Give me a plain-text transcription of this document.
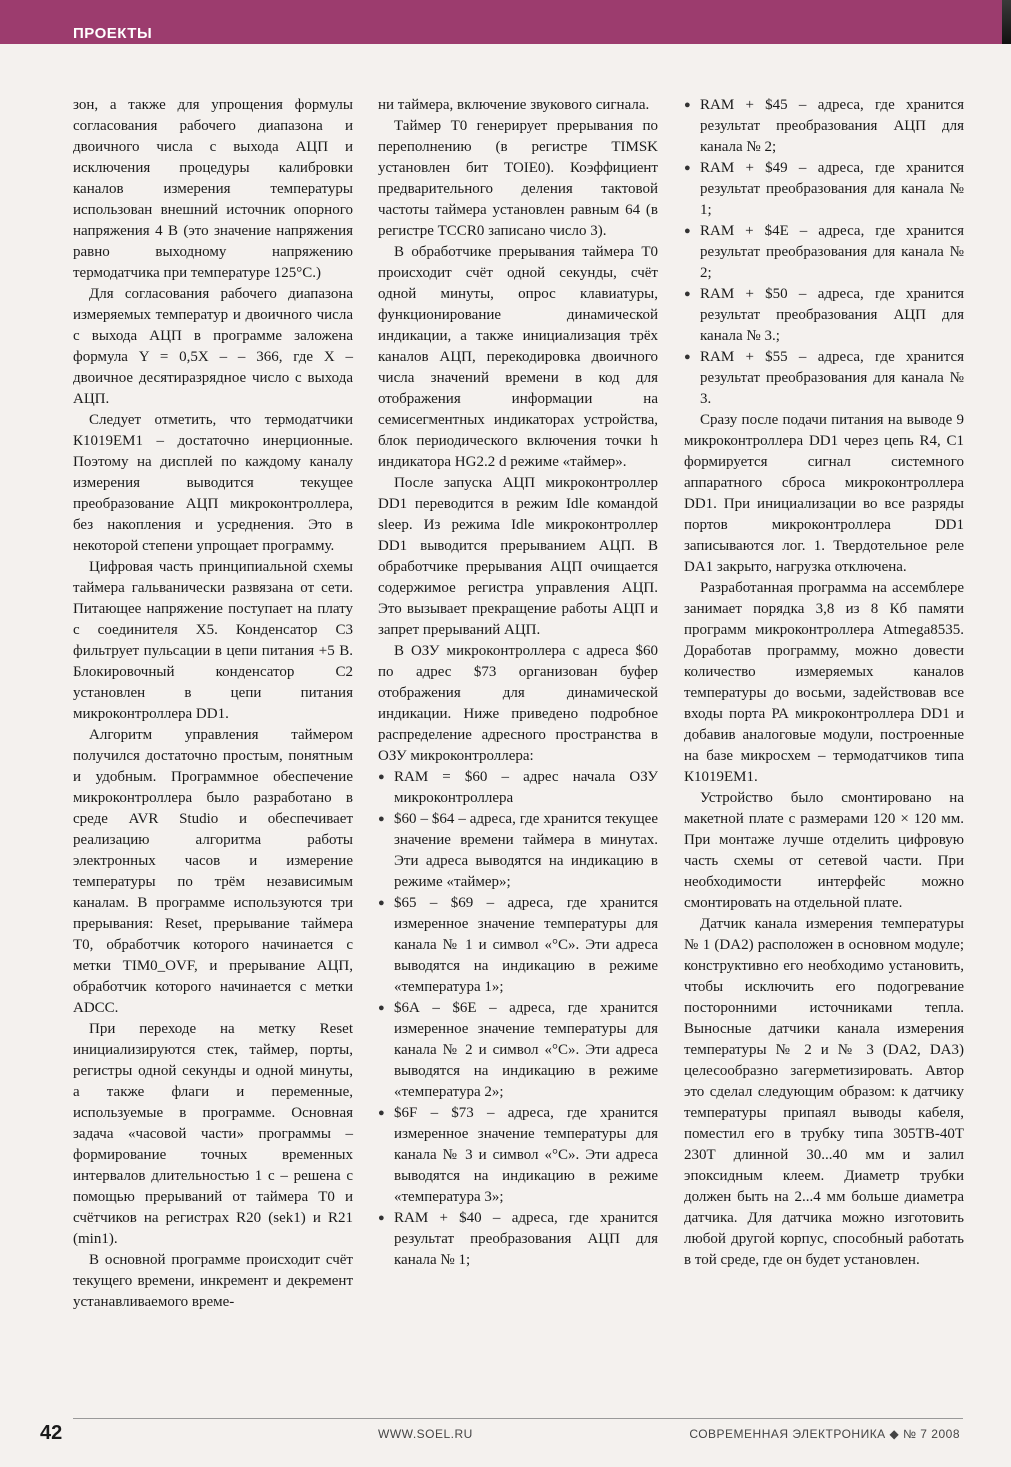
ПРОЕКТЫ

зон, а также для упрощения формулы согласования рабочего диапазона и двоичного числа с выхода АЦП и исключения процедуры калибровки каналов измерения температуры использован внешний источник опорного напряжения 4 В (это значение напряжения равно выходному напряжению термодатчика при температуре 125°С.)

Для согласования рабочего диапазона измеряемых температур и двоичного числа с выхода АЦП в программе заложена формула Y = 0,5X – – 366, где Х – двоичное десятиразрядное число с выхода АЦП.

Следует отметить, что термодатчики К1019ЕМ1 – достаточно инерционные. Поэтому на дисплей по каждому каналу измерения выводится текущее преобразование АЦП микроконтроллера, без накопления и усреднения. Это в некоторой степени упрощает программу.

Цифровая часть принципиальной схемы таймера гальванически развязана от сети. Питающее напряжение поступает на плату с соединителя Х5. Конденсатор С3 фильтрует пульсации в цепи питания +5 В. Блокировочный конденсатор С2 установлен в цепи питания микроконтроллера DD1.

Алгоритм управления таймером получился достаточно простым, понятным и удобным. Программное обеспечение микроконтроллера было разработано в среде AVR Studio и обеспечивает реализацию алгоритма работы электронных часов и измерение температуры по трём независимым каналам. В программе используются три прерывания: Reset, прерывание таймера Т0, обработчик которого начинается с метки TIM0_OVF, и прерывание АЦП, обработчик которого начинается с метки ADCC.

При переходе на метку Reset инициализируются стек, таймер, порты, регистры одной секунды и одной минуты, а также флаги и переменные, используемые в программе. Основная задача «часовой части» программы – формирование точных временных интервалов длительностью 1 с – решена с помощью прерываний от таймера Т0 и счётчиков на регистрах R20 (sek1) и R21 (min1).

В основной программе происходит счёт текущего времени, инкремент и декремент устанавливаемого време-

ни таймера, включение звукового сигнала.

Таймер Т0 генерирует прерывания по переполнению (в регистре TIMSK установлен бит TOIE0). Коэффициент предварительного деления тактовой частоты таймера установлен равным 64 (в регистре TCCR0 записано число 3).

В обработчике прерывания таймера Т0 происходит счёт одной секунды, счёт одной минуты, опрос клавиатуры, функционирование динамической индикации, а также инициализация трёх каналов АЦП, перекодировка двоичного числа значений времени в код для отображения информации на семисегментных индикаторах устройства, блок периодического включения точки h индикатора HG2.2 d режиме «таймер».

После запуска АЦП микроконтроллер DD1 переводится в режим Idle командой sleep. Из режима Idle микроконтроллер DD1 выводится прерыванием АЦП. В обработчике прерывания АЦП очищается содержимое регистра управления АЦП. Это вызывает прекращение работы АЦП и запрет прерываний АЦП.

В ОЗУ микроконтроллера с адреса $60 по адрес $73 организован буфер отображения для динамической индикации. Ниже приведено подробное распределение адресного пространства в ОЗУ микроконтроллера:

● RAM = $60 – адрес начала ОЗУ микроконтроллера
● $60 – $64 – адреса, где хранится текущее значение времени таймера в минутах. Эти адреса выводятся на индикацию в режиме «таймер»;
● $65 – $69 – адреса, где хранится измеренное значение температуры для канала № 1 и символ «°С». Эти адреса выводятся на индикацию в режиме «температура 1»;
● $6А – $6Е – адреса, где хранится измеренное значение температуры для канала № 2 и символ «°С». Эти адреса выводятся на индикацию в режиме «температура 2»;
● $6F – $73 – адреса, где хранится измеренное значение температуры для канала № 3 и символ «°С». Эти адреса выводятся на индикацию в режиме «температура 3»;
● RAM + $40 – адреса, где хранится результат преобразования АЦП для канала № 1;
● RAM + $45 – адреса, где хранится результат преобразования АЦП для канала № 2;
● RAM + $49 – адреса, где хранится результат преобразования для канала № 1;
● RAM + $4E – адреса, где хранится результат преобразования для канала № 2;
● RAM + $50 – адреса, где хранится результат преобразования АЦП для канала № 3.;
● RAM + $55 – адреса, где хранится результат преобразования для канала № 3.

Сразу после подачи питания на выводе 9 микроконтроллера DD1 через цепь R4, C1 формируется сигнал системного аппаратного сброса микроконтроллера DD1. При инициализации во все разряды портов микроконтроллера DD1 записываются лог. 1. Твердотельное реле DA1 закрыто, нагрузка отключена.

Разработанная программа на ассемблере занимает порядка 3,8 из 8 Кб памяти программ микроконтроллера Atmega8535. Доработав программу, можно довести количество измеряемых каналов температуры до восьми, задействовав все входы порта РА микроконтроллера DD1 и добавив аналоговые модули, построенные на базе микросхем – термодатчиков типа К1019ЕМ1.

Устройство было смонтировано на макетной плате с размерами 120 × 120 мм. При монтаже лучше отделить цифровую часть схемы от сетевой части. При необходимости интерфейс можно смонтировать на отдельной плате.

Датчик канала измерения температуры № 1 (DA2) расположен в основном модуле; конструктивно его необходимо установить, чтобы исключить его подогревание посторонними источниками тепла. Выносные датчики канала измерения температуры № 2 и № 3 (DA2, DA3) целесообразно загерметизировать. Автор это сделал следующим образом: к датчику температуры припаял выводы кабеля, поместил его в трубку типа 305ТВ-40Т 230Т длинной 30...40 мм и залил эпоксидным клеем. Диаметр трубки должен быть на 2...4 мм больше диаметра датчика. Для датчика можно изготовить любой другой корпус, способный работать в той среде, где он будет установлен.

42	WWW.SOEL.RU	СОВРЕМЕННАЯ ЭЛЕКТРОНИКА ◆ № 7 2008
